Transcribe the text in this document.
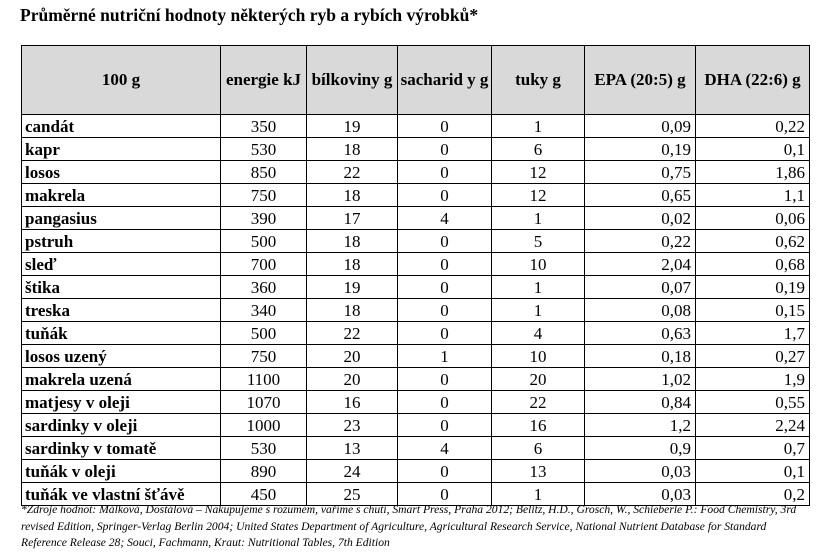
Průměrné nutriční hodnoty některých ryb a rybích výrobků*
100 g	energie kJ	bílkoviny g	sacharid y g	tuky g	EPA (20:5) g	DHA (22:6) g
candát	350	19	0	1	0,09	0,22
kapr	530	18	0	6	0,19	0,1
losos	850	22	0	12	0,75	1,86
makrela	750	18	0	12	0,65	1,1
pangasius	390	17	4	1	0,02	0,06
pstruh	500	18	0	5	0,22	0,62
sleď	700	18	0	10	2,04	0,68
štika	360	19	0	1	0,07	0,19
treska	340	18	0	1	0,08	0,15
tuňák	500	22	0	4	0,63	1,7
losos uzený	750	20	1	10	0,18	0,27
makrela uzená	1100	20	0	20	1,02	1,9
matjesy v oleji	1070	16	0	22	0,84	0,55
sardinky v oleji	1000	23	0	16	1,2	2,24
sardinky v tomatě	530	13	4	6	0,9	0,7
tuňák v oleji	890	24	0	13	0,03	0,1
tuňák ve vlastní šťávě	450	25	0	1	0,03	0,2
*Zdroje hodnot: Málková, Dostálová – Nakupujeme s rozumem, vaříme s chutí, Smart Press, Praha 2012; Belitz, H.D., Grosch, W., Schieberle P.: Food Chemistry, 3rd revised Edition, Springer-Verlag Berlin 2004; United States Department of Agriculture, Agricultural Research Service, National Nutrient Database for Standard Reference Release 28; Souci, Fachmann, Kraut: Nutritional Tables, 7th Edition
